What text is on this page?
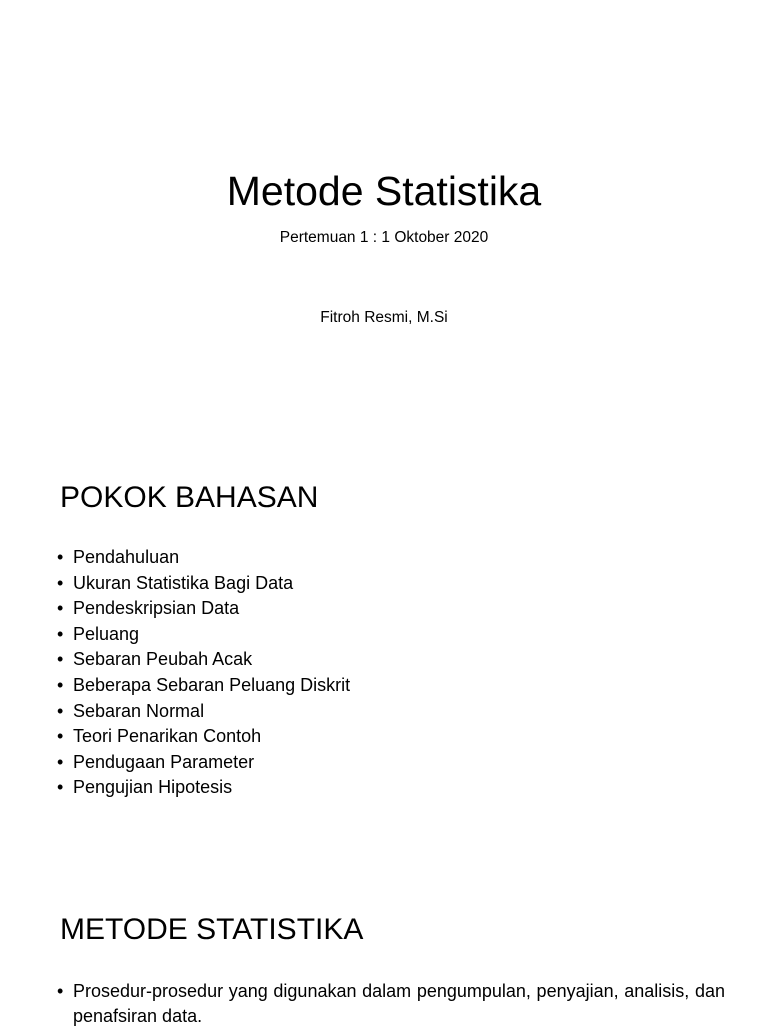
Metode Statistika

Pertemuan 1 : 1 Oktober 2020

Fitroh Resmi, M.Si

POKOK BAHASAN
• Pendahuluan
• Ukuran Statistika Bagi Data
• Pendeskripsian Data
• Peluang
• Sebaran Peubah Acak
• Beberapa Sebaran Peluang Diskrit
• Sebaran Normal
• Teori Penarikan Contoh
• Pendugaan Parameter
• Pengujian Hipotesis
METODE STATISTIKA

• Prosedur-prosedur yang digunakan dalam pengumpulan, penyajian, analisis, dan penafsiran data.
